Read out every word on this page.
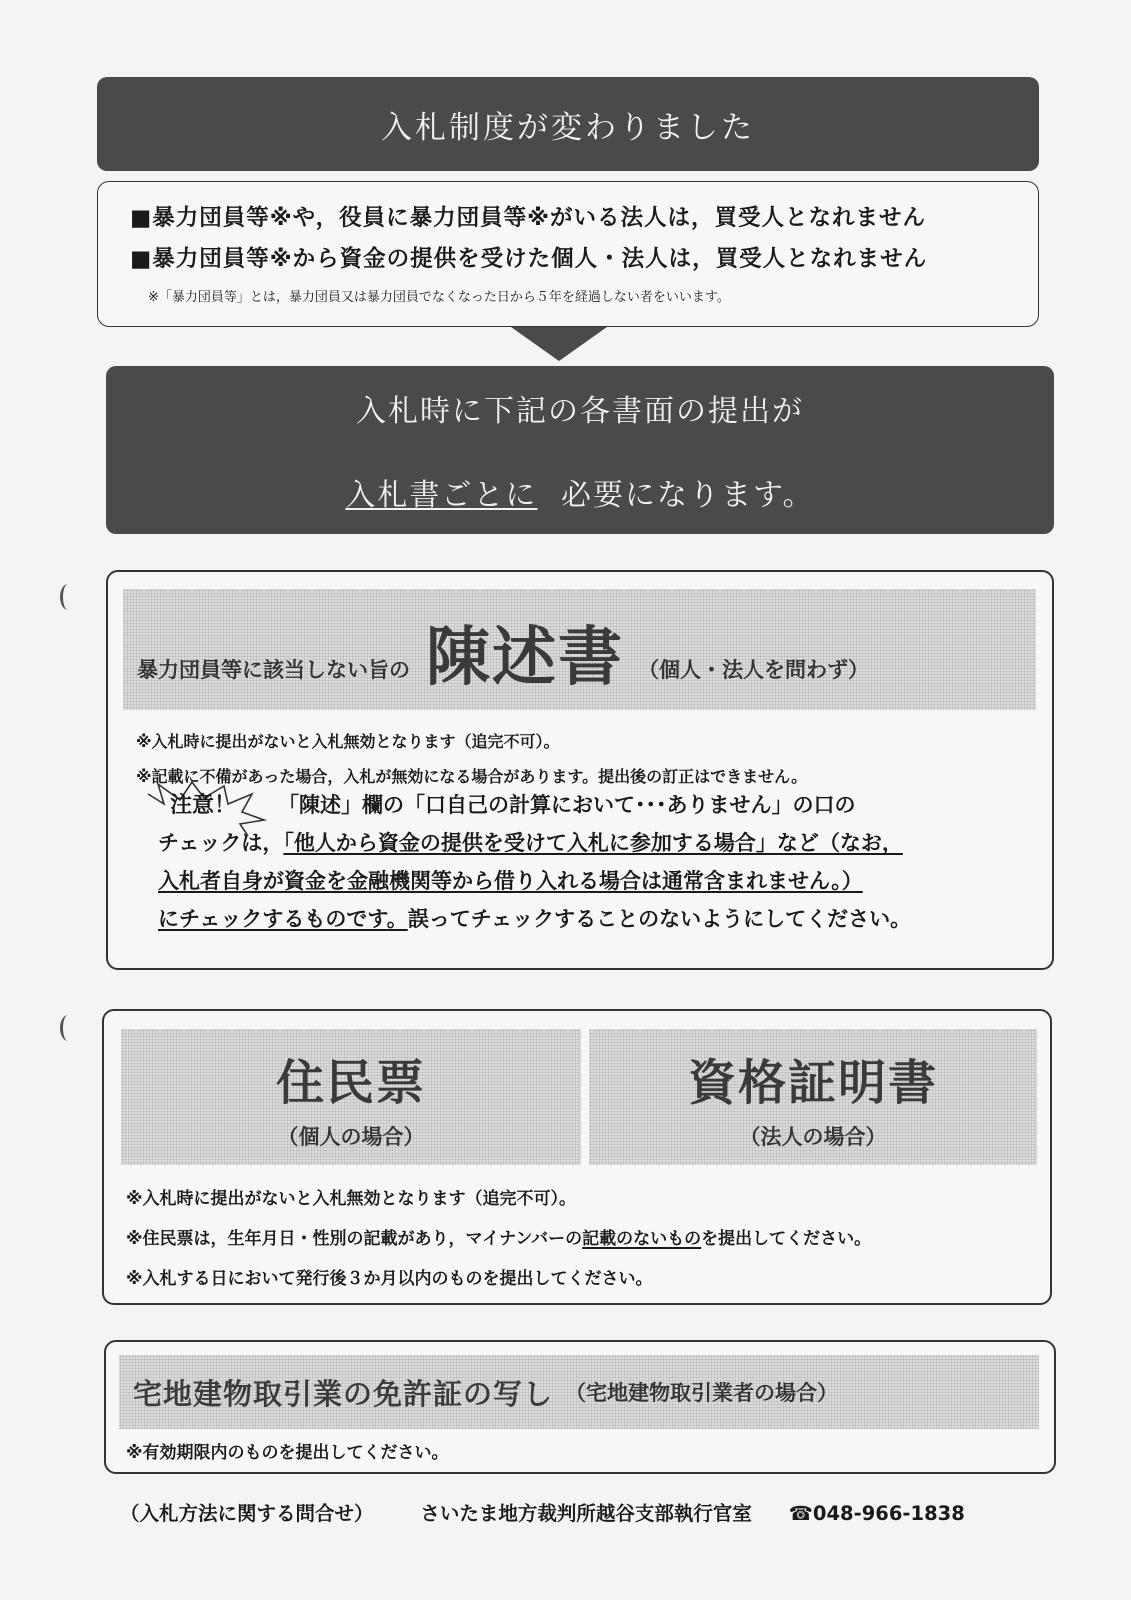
入札制度が変わりました
■暴力団員等※や，役員に暴力団員等※がいる法人は，買受人となれません
■暴力団員等※から資金の提供を受けた個人・法人は，買受人となれません
※「暴力団員等」とは，暴力団員又は暴力団員でなくなった日から５年を経過しない者をいいます。
入札時に下記の各書面の提出が
入札書ごとに 必要になります。
暴力団員等に該当しない旨の 陳述書 （個人・法人を問わず）
※入札時に提出がないと入札無効となります（追完不可）。
※記載に不備があった場合，入札が無効になる場合があります。提出後の訂正はできません。
注意！	「陳述」欄の「口自己の計算において･･･ありません」の口の
チェックは，「他人から資金の提供を受けて入札に参加する場合」など（なお，
入札者自身が資金を金融機関等から借り入れる場合は通常含まれません。）
にチェックするものです。誤ってチェックすることのないようにしてください。
住民票
（個人の場合）
資格証明書
（法人の場合）
※入札時に提出がないと入札無効となります（追完不可）。
※住民票は，生年月日・性別の記載があり，マイナンバーの記載のないものを提出してください。
※入札する日において発行後３か月以内のものを提出してください。
宅地建物取引業の免許証の写し （宅地建物取引業者の場合）
※有効期限内のものを提出してください。
（入札方法に関する問合せ） さいたま地方裁判所越谷支部執行官室 ☎048-966-1838
